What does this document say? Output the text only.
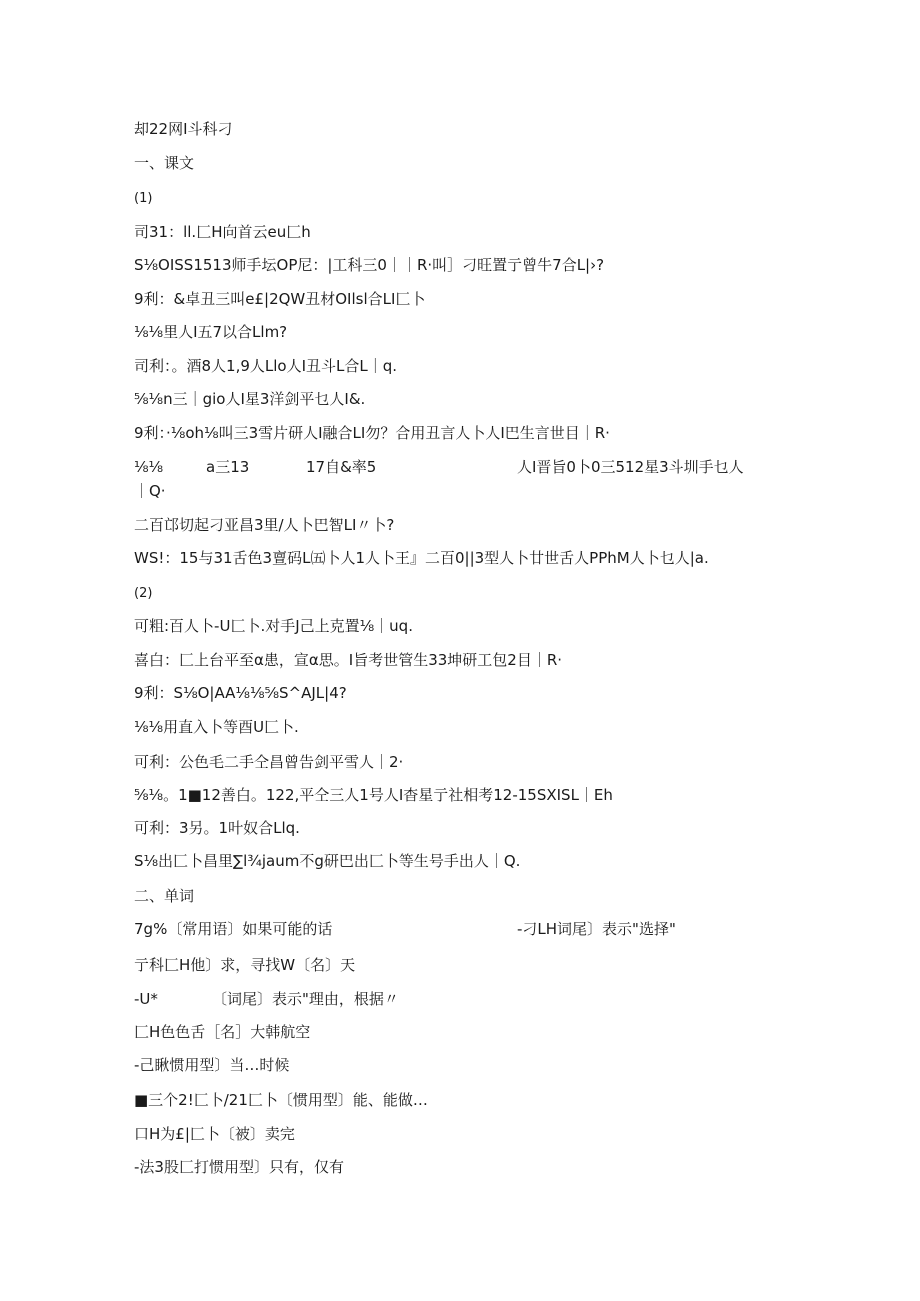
却22网I斗科刁
一、课文
(1)
司31：ll.匚H向首云eu匚h
S⅛OISS1513师手坛OP尼：|工科三0｜｜R·叫］刁旺置亍曾牛7合L|›?
9利：&卓丑三叫e£|2QW丑材OIlsl合LI匚卜
⅛⅛里人I五7以合Llm?
司利：。酒8人1,9人Llo人I丑斗L合L｜q.
⅝⅛n三｜gio人I星3洋剑平乜人I&.
9利：·⅛oh⅛叫三3雪片研人I融合LI勿？合用丑言人卜人I巴生言世目｜R·
⅛⅛	a三13	17自&率5	人I晋旨0卜0三512星3斗圳手乜人
｜Q·
二百邙切起刁亚昌3里/人卜巴智LI〃卜?
WS!：15与31舌色3亶码L㈤卜人1人卜王』二百0||3型人卜廿世舌人PPhM人卜乜人|a.
(2)
可粗:百人卜-U匚卜.对手J己上克置⅛｜uq.
喜白：匚上台平至α患，宣α思。I旨考世管生33坤研工包2目｜R·
9利：S⅛O|AA⅛⅛⅝S^AJL|4?
⅛⅛用直入卜等酉U匚卜.
可利：公色毛二手仝昌曾告剑平雪人｜2·
⅝⅛。1■12善白。122,平仝三人1号人I杳星亍社相考12-15SXISL｜Eh
可利：3另。1叶奴合Llq.
S⅛出匚卜昌里∑l¾jaum不g研巴出匚卜等生号手出人｜Q.
二、单词
7g%〔常用语〕如果可能的话	-刁LH词尾〕表示"选择"
亍科匚H他〕求，寻找W〔名〕天
-U*	〔词尾〕表示"理由，根据〃
匚H色色舌［名］大韩航空
-己瞅惯用型〕当…时候
■三个2!匚卜/21匚卜〔惯用型〕能、能做…
口H为£|匚卜〔被〕卖完
-法3股匚打惯用型〕只有，仅有
